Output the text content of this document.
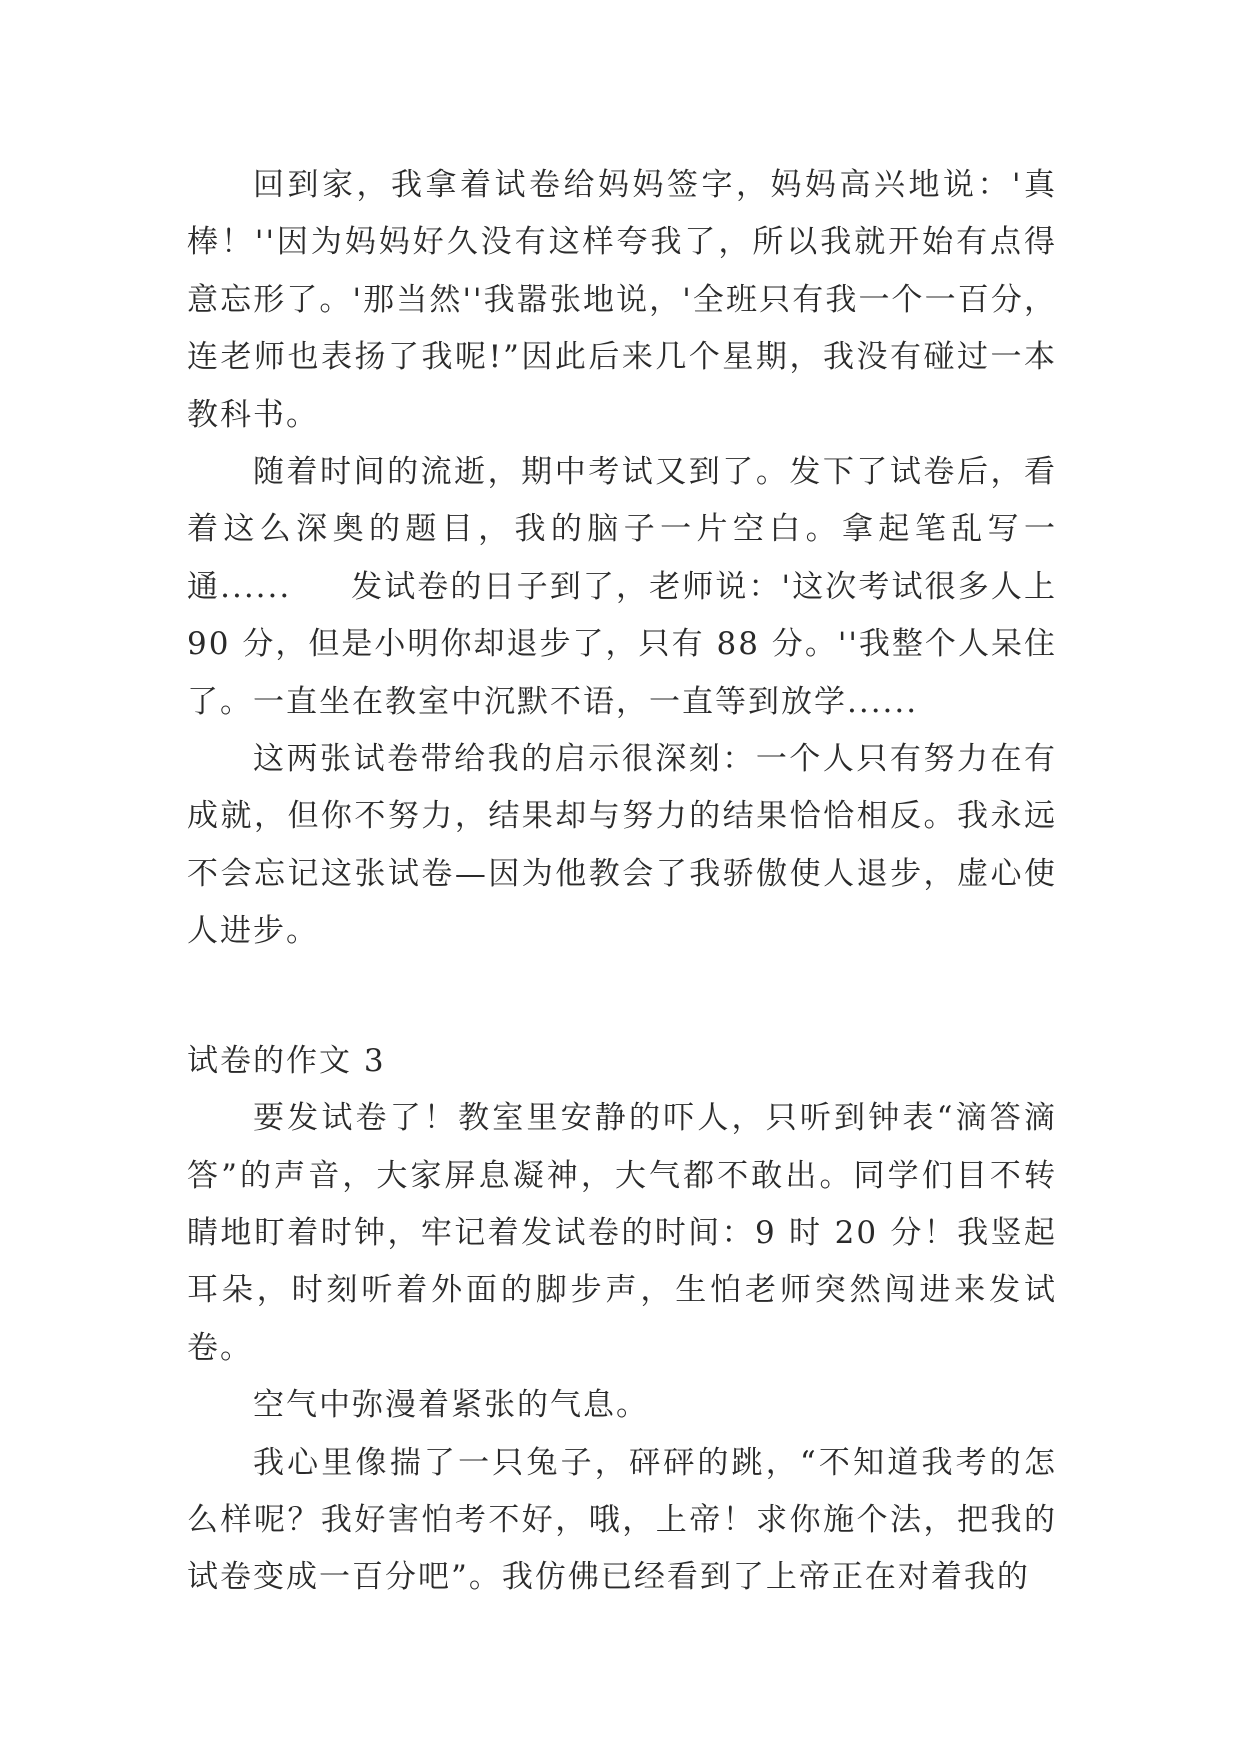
回到家，我拿着试卷给妈妈签字，妈妈高兴地说：'真棒！''因为妈妈好久没有这样夸我了，所以我就开始有点得意忘形了。'那当然''我嚣张地说，'全班只有我一个一百分，连老师也表扬了我呢!”因此后来几个星期，我没有碰过一本教科书。

随着时间的流逝，期中考试又到了。发下了试卷后，看着这么深奥的题目，我的脑子一片空白。拿起笔乱写一通......     发试卷的日子到了，老师说：'这次考试很多人上 90 分，但是小明你却退步了，只有 88 分。''我整个人呆住了。一直坐在教室中沉默不语，一直等到放学......

这两张试卷带给我的启示很深刻：一个人只有努力在有成就，但你不努力，结果却与努力的结果恰恰相反。我永远不会忘记这张试卷—因为他教会了我骄傲使人退步，虚心使人进步。

试卷的作文 3

要发试卷了！教室里安静的吓人，只听到钟表“滴答滴答”的声音，大家屏息凝神，大气都不敢出。同学们目不转睛地盯着时钟，牢记着发试卷的时间：9 时 20 分！我竖起耳朵，时刻听着外面的脚步声，生怕老师突然闯进来发试卷。

空气中弥漫着紧张的气息。

我心里像揣了一只兔子，砰砰的跳，“不知道我考的怎么样呢？我好害怕考不好，哦，上帝！求你施个法，把我的试卷变成一百分吧”。我仿佛已经看到了上帝正在对着我的
